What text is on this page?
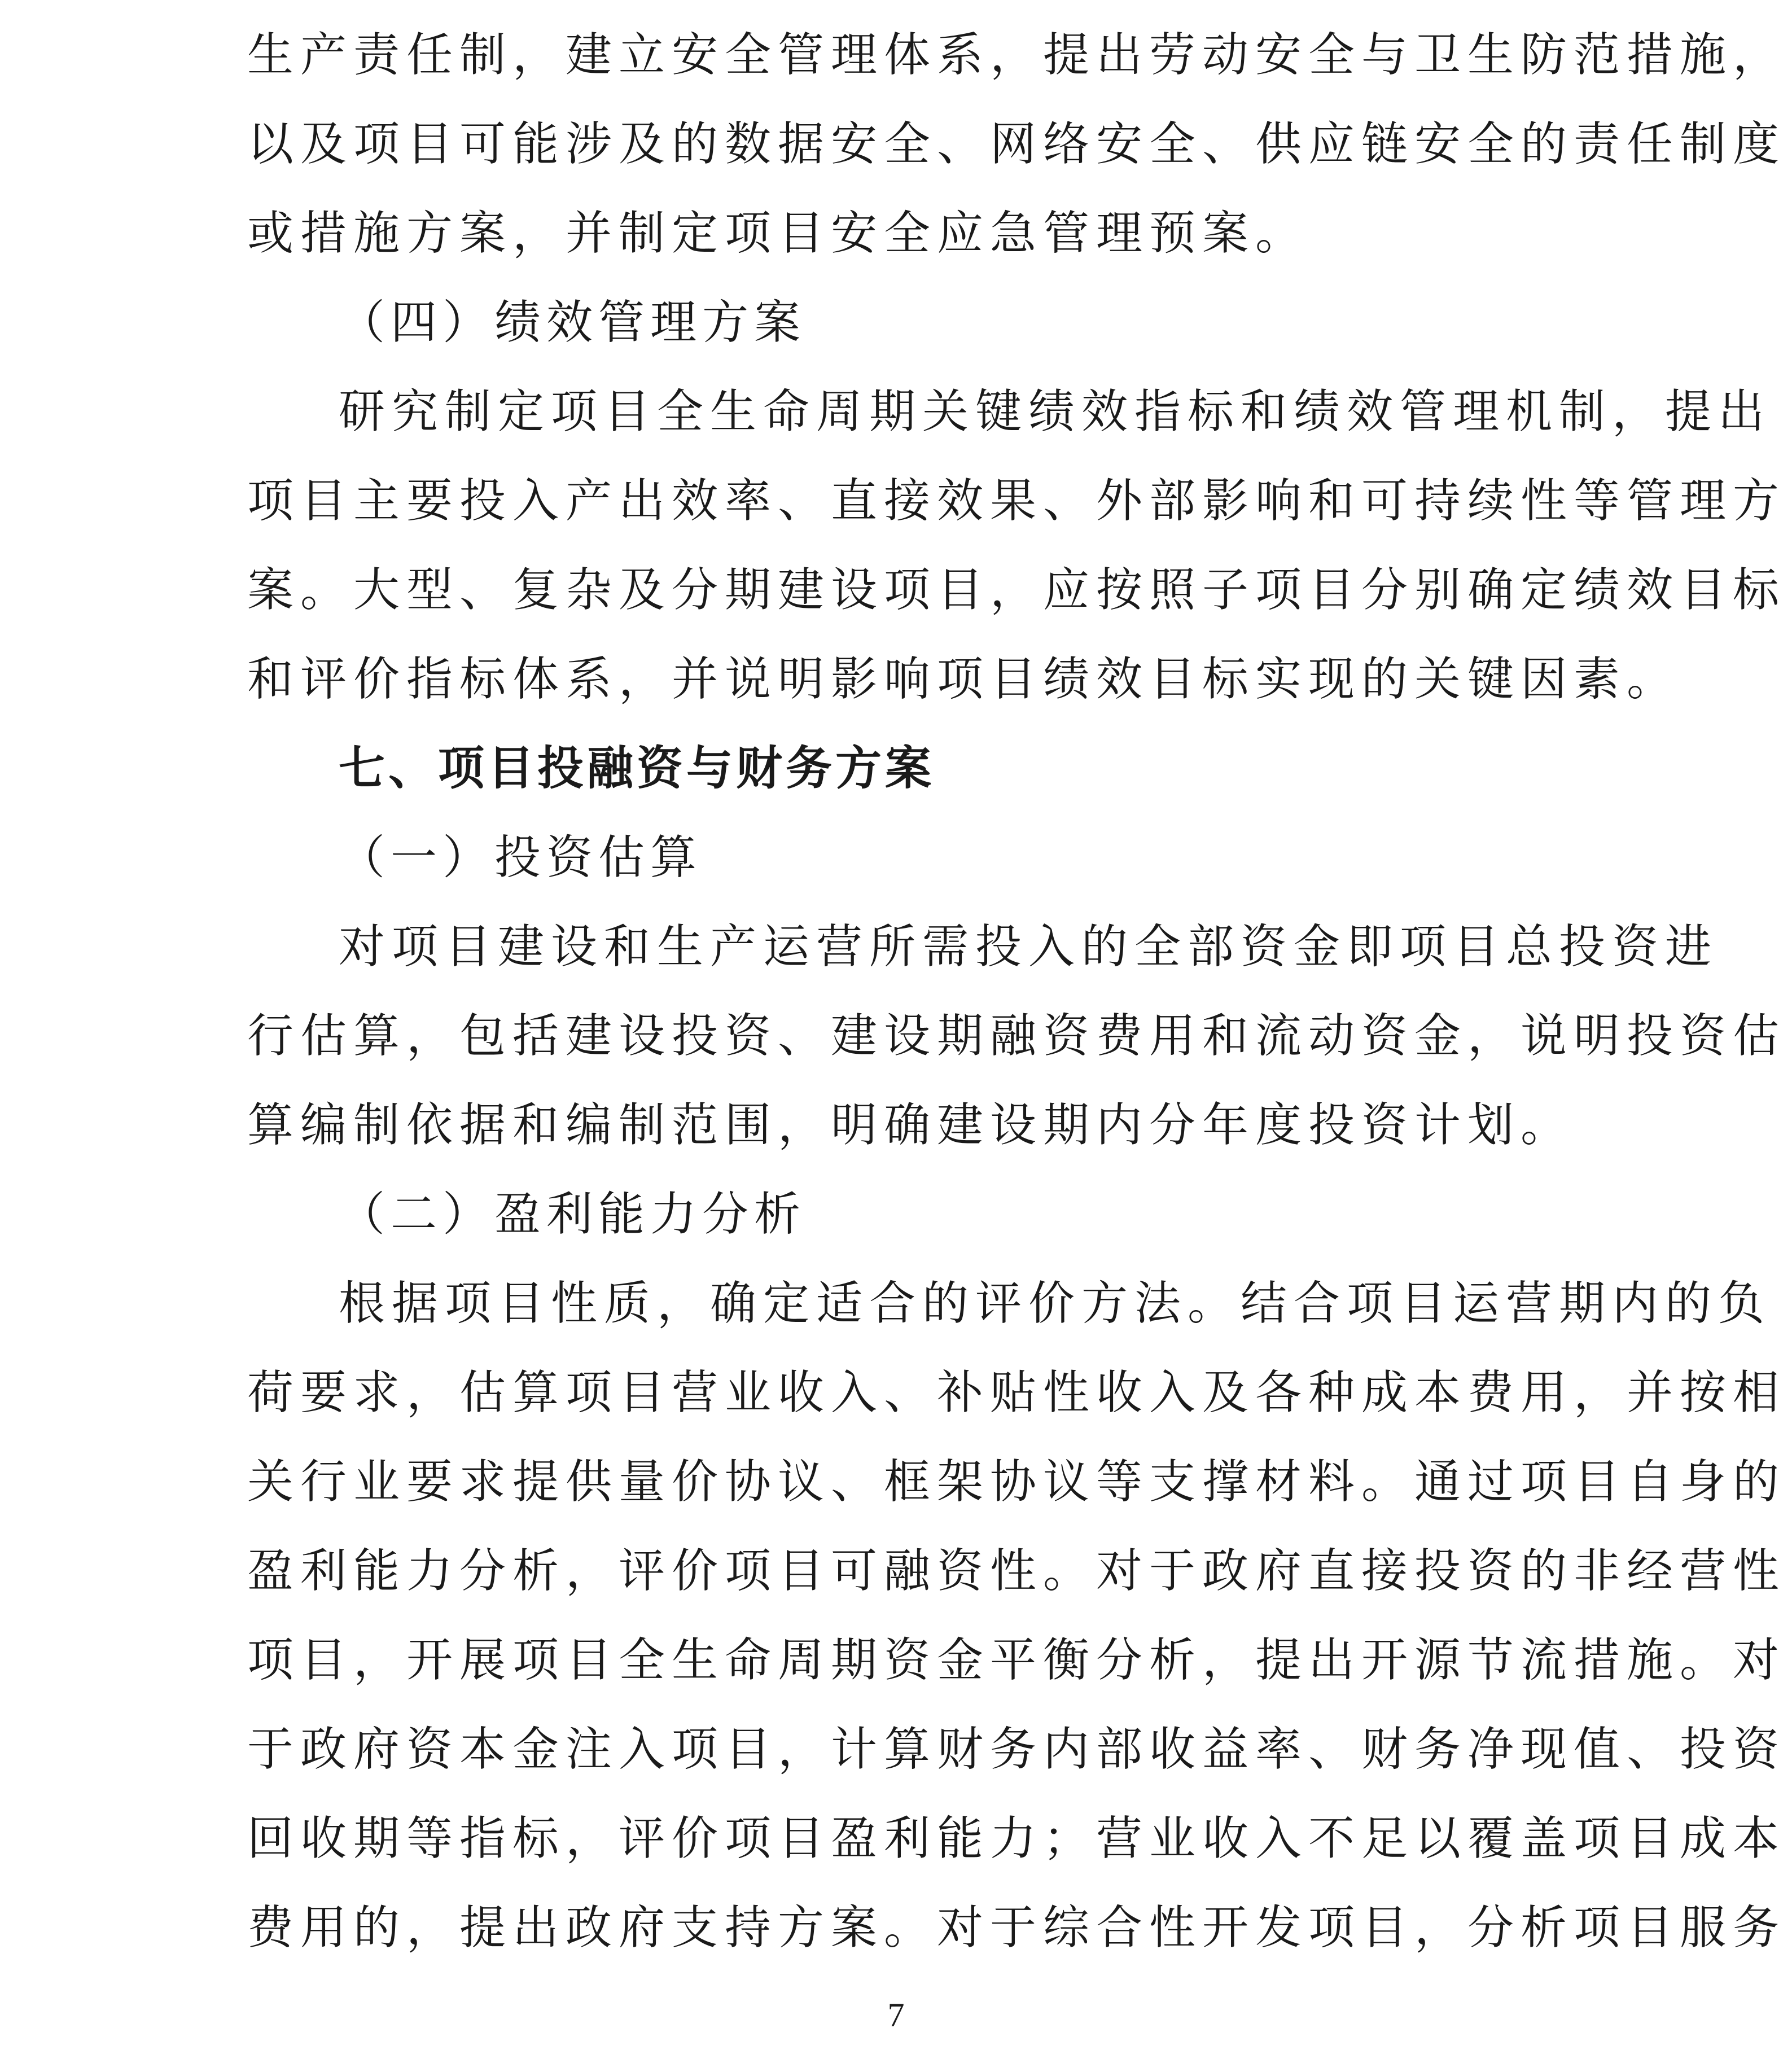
生产责任制，建立安全管理体系，提出劳动安全与卫生防范措施，
以及项目可能涉及的数据安全、网络安全、供应链安全的责任制度
或措施方案，并制定项目安全应急管理预案。
（四）绩效管理方案
研究制定项目全生命周期关键绩效指标和绩效管理机制，提出
项目主要投入产出效率、直接效果、外部影响和可持续性等管理方
案。大型、复杂及分期建设项目，应按照子项目分别确定绩效目标
和评价指标体系，并说明影响项目绩效目标实现的关键因素。
七、项目投融资与财务方案
（一）投资估算
对项目建设和生产运营所需投入的全部资金即项目总投资进
行估算，包括建设投资、建设期融资费用和流动资金，说明投资估
算编制依据和编制范围，明确建设期内分年度投资计划。
（二）盈利能力分析
根据项目性质，确定适合的评价方法。结合项目运营期内的负
荷要求，估算项目营业收入、补贴性收入及各种成本费用，并按相
关行业要求提供量价协议、框架协议等支撑材料。通过项目自身的
盈利能力分析，评价项目可融资性。对于政府直接投资的非经营性
项目，开展项目全生命周期资金平衡分析，提出开源节流措施。对
于政府资本金注入项目，计算财务内部收益率、财务净现值、投资
回收期等指标，评价项目盈利能力；营业收入不足以覆盖项目成本
费用的，提出政府支持方案。对于综合性开发项目，分析项目服务
7
